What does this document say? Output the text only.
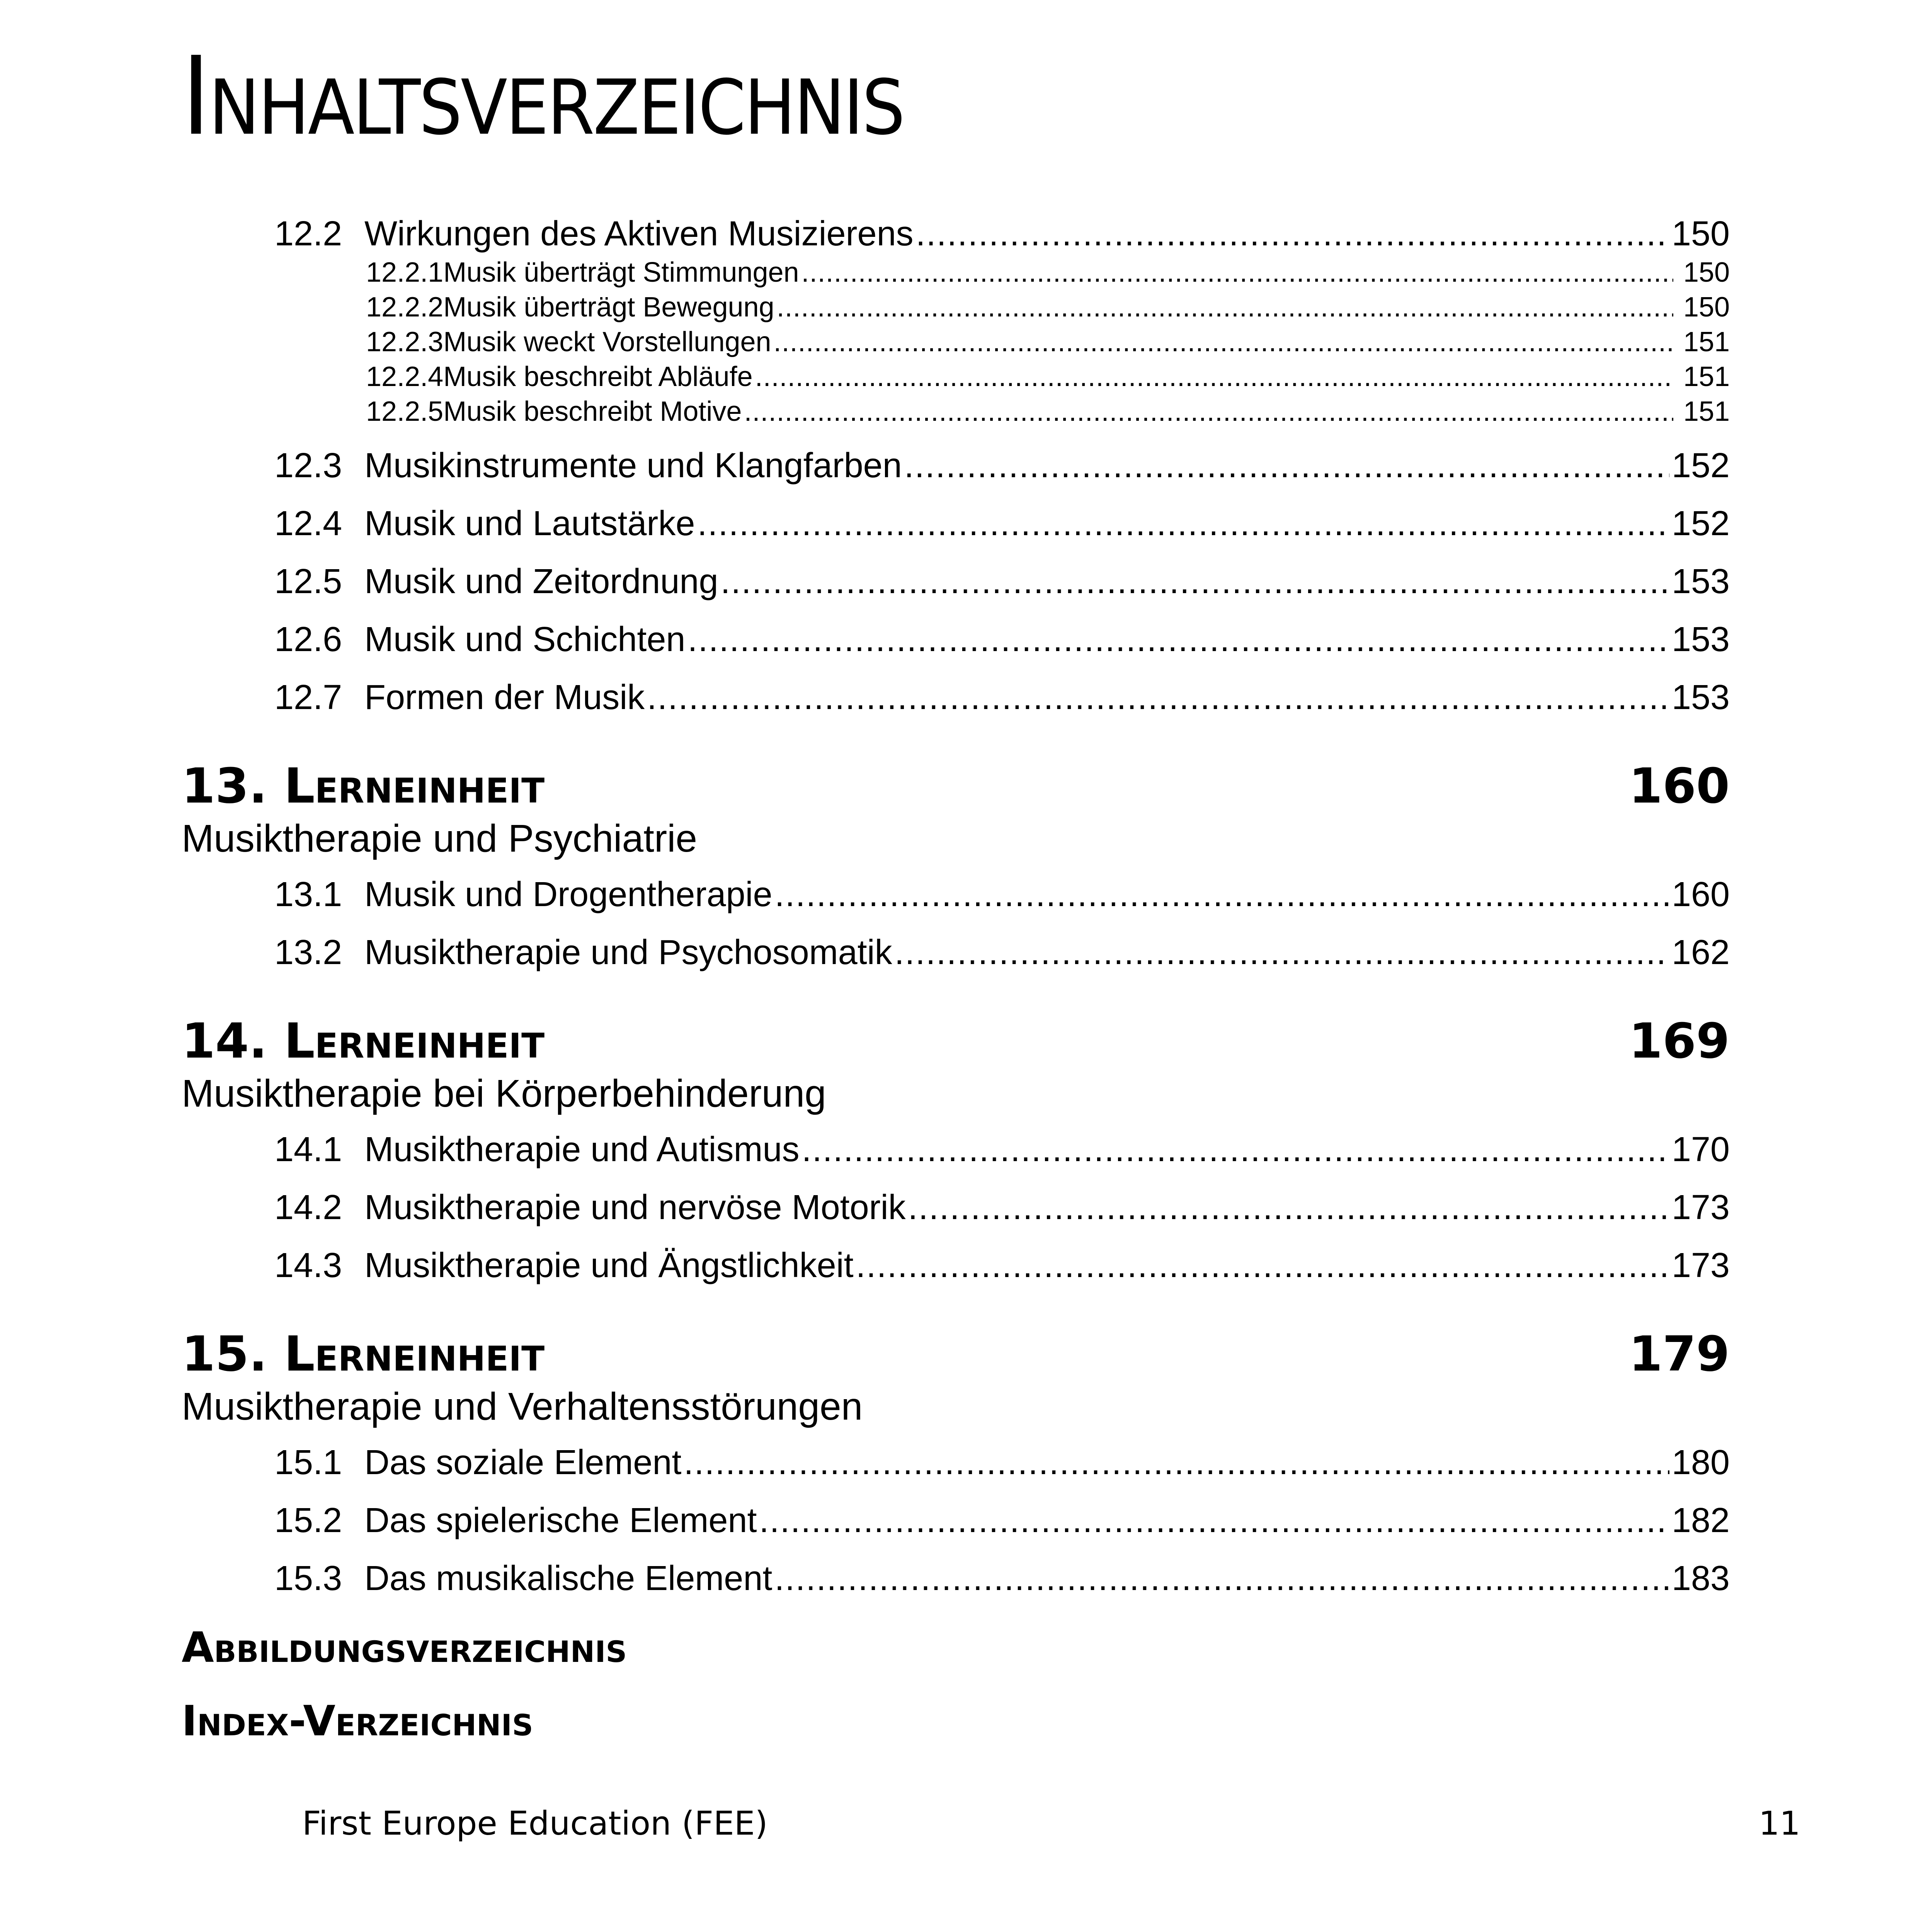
Inhaltsverzeichnis
12.2 Wirkungen des Aktiven Musizierens .....	150
12.2.1 Musik überträgt Stimmungen .....	150
12.2.2 Musik überträgt Bewegung .....	150
12.2.3 Musik weckt Vorstellungen .....	151
12.2.4 Musik beschreibt Abläufe .....	151
12.2.5 Musik beschreibt Motive .....	151
12.3 Musikinstrumente und Klangfarben .....	152
12.4 Musik und Lautstärke .....	152
12.5 Musik und Zeitordnung .....	153
12.6 Musik und Schichten .....	153
12.7 Formen der Musik .....	153
13. Lerneinheit	160
Musiktherapie und Psychiatrie
13.1 Musik und Drogentherapie .....	160
13.2 Musiktherapie und Psychosomatik .....	162
14. Lerneinheit	169
Musiktherapie bei Körperbehinderung
14.1 Musiktherapie und Autismus .....	170
14.2 Musiktherapie und nervöse Motorik .....	173
14.3 Musiktherapie und Ängstlichkeit .....	173
15. Lerneinheit	179
Musiktherapie und Verhaltensstörungen
15.1 Das soziale Element .....	180
15.2 Das spielerische Element .....	182
15.3 Das musikalische Element .....	183
Abbildungsverzeichnis
Index-Verzeichnis
First Europe Education (FEE)	11
